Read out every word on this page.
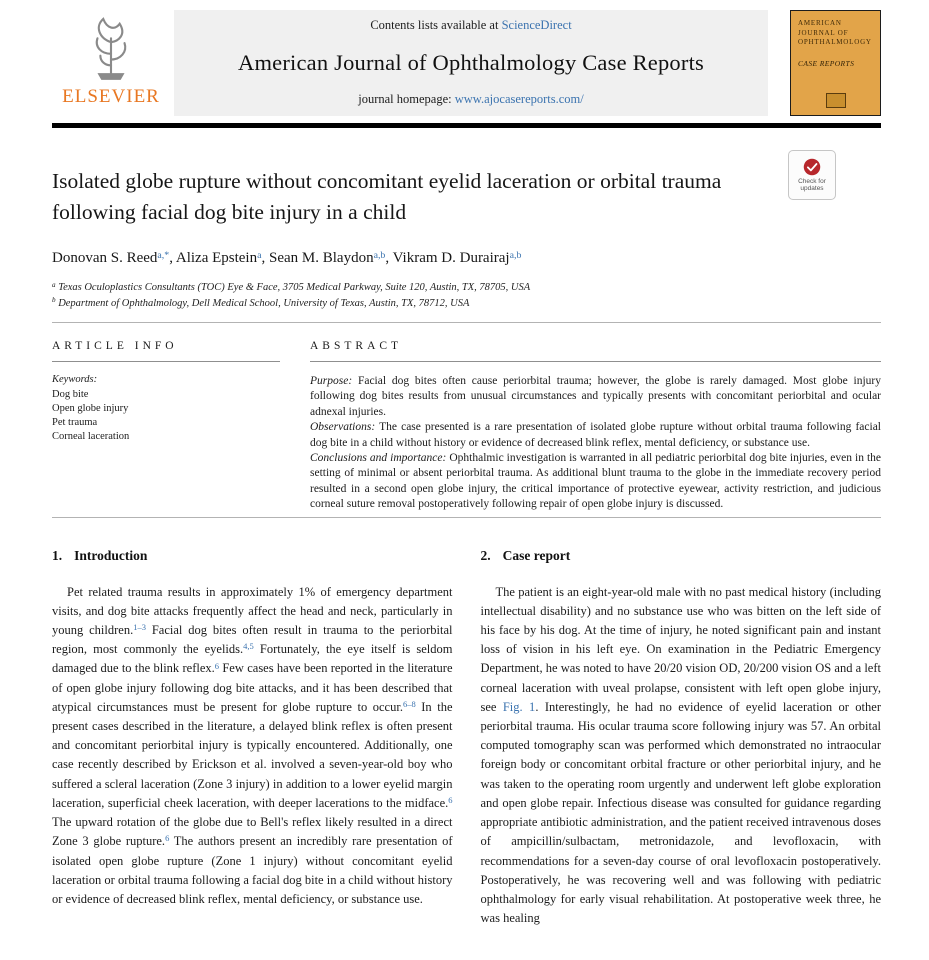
ELSEVIER
Contents lists available at ScienceDirect
American Journal of Ophthalmology Case Reports
journal homepage: www.ajocasereports.com/
AMERICAN
JOURNAL OF
OPHTHALMOLOGY
CASE REPORTS
Isolated globe rupture without concomitant eyelid laceration or orbital trauma following facial dog bite injury in a child
Check for
updates

Donovan S. Reed$^{a,*}$, Aliza Epstein$^a$, Sean M. Blaydon$^{a,b}$, Vikram D. Durairaj$^{a,b}$

$^a$ Texas Oculoplastics Consultants (TOC) Eye & Face, 3705 Medical Parkway, Suite 120, Austin, TX, 78705, USA

$^b$ Department of Ophthalmology, Dell Medical School, University of Texas, Austin, TX, 78712, USA

ARTICLE INFO

Keywords:

Dog bite
Open globe injury
Pet trauma
Corneal laceration
ABSTRACT

Purpose: Facial dog bites often cause periorbital trauma; however, the globe is rarely damaged. Most globe injury following dog bites results from unusual circumstances and typically presents with concomitant periorbital and ocular adnexal injuries.

Observations: The case presented is a rare presentation of isolated globe rupture without orbital trauma following facial dog bite in a child without history or evidence of decreased blink reflex, mental deficiency, or substance use.

Conclusions and importance: Ophthalmic investigation is warranted in all pediatric periorbital dog bite injuries, even in the setting of minimal or absent periorbital trauma. As additional blunt trauma to the globe in the immediate recovery period resulted in a second open globe injury, the critical importance of protective eyewear, activity restriction, and judicious corneal suture removal postoperatively following repair of open globe injury is discussed.

1. Introduction

Pet related trauma results in approximately 1% of emergency department visits, and dog bite attacks frequently affect the head and neck, particularly in young children.$^{1-3}$ Facial dog bites often result in trauma to the periorbital region, most commonly the eyelids.$^{4,5}$ Fortunately, the eye itself is seldom damaged due to the blink reflex.$^6$ Few cases have been reported in the literature of open globe injury following dog bite attacks, and it has been described that atypical circumstances must be present for globe rupture to occur.$^{6-8}$ In the present cases described in the literature, a delayed blink reflex is often present and concomitant periorbital injury is typically encountered. Additionally, one case recently described by Erickson et al. involved a seven-year-old boy who suffered a scleral laceration (Zone 3 injury) in addition to a lower eyelid margin laceration, superficial cheek laceration, with deeper lacerations to the midface.$^6$ The upward rotation of the globe due to Bell's reflex likely resulted in a direct Zone 3 globe rupture.$^6$ The authors present an incredibly rare presentation of isolated open globe rupture (Zone 1 injury) without concomitant eyelid laceration or orbital trauma following a facial dog bite in a child without history or evidence of decreased blink reflex, mental deficiency, or substance use.

2. Case report

The patient is an eight-year-old male with no past medical history (including intellectual disability) and no substance use who was bitten on the left side of his face by his dog. At the time of injury, he noted significant pain and instant loss of vision in his left eye. On examination in the Pediatric Emergency Department, he was noted to have 20/20 vision OD, 20/200 vision OS and a left corneal laceration with uveal prolapse, consistent with left open globe injury, see Fig. 1. Interestingly, he had no evidence of eyelid laceration or other periorbital trauma. His ocular trauma score following injury was 57. An orbital computed tomography scan was performed which demonstrated no intraocular foreign body or concomitant orbital fracture or other periorbital injury, and he was taken to the operating room urgently and underwent left globe exploration and open globe repair. Infectious disease was consulted for guidance regarding appropriate antibiotic administration, and the patient received intravenous doses of ampicillin/sulbactam, metronidazole, and levofloxacin, with recommendations for a seven-day course of oral levofloxacin postoperatively. Postoperatively, he was recovering well and was following with pediatric ophthalmology for early visual rehabilitation. At postoperative week three, he was healing
